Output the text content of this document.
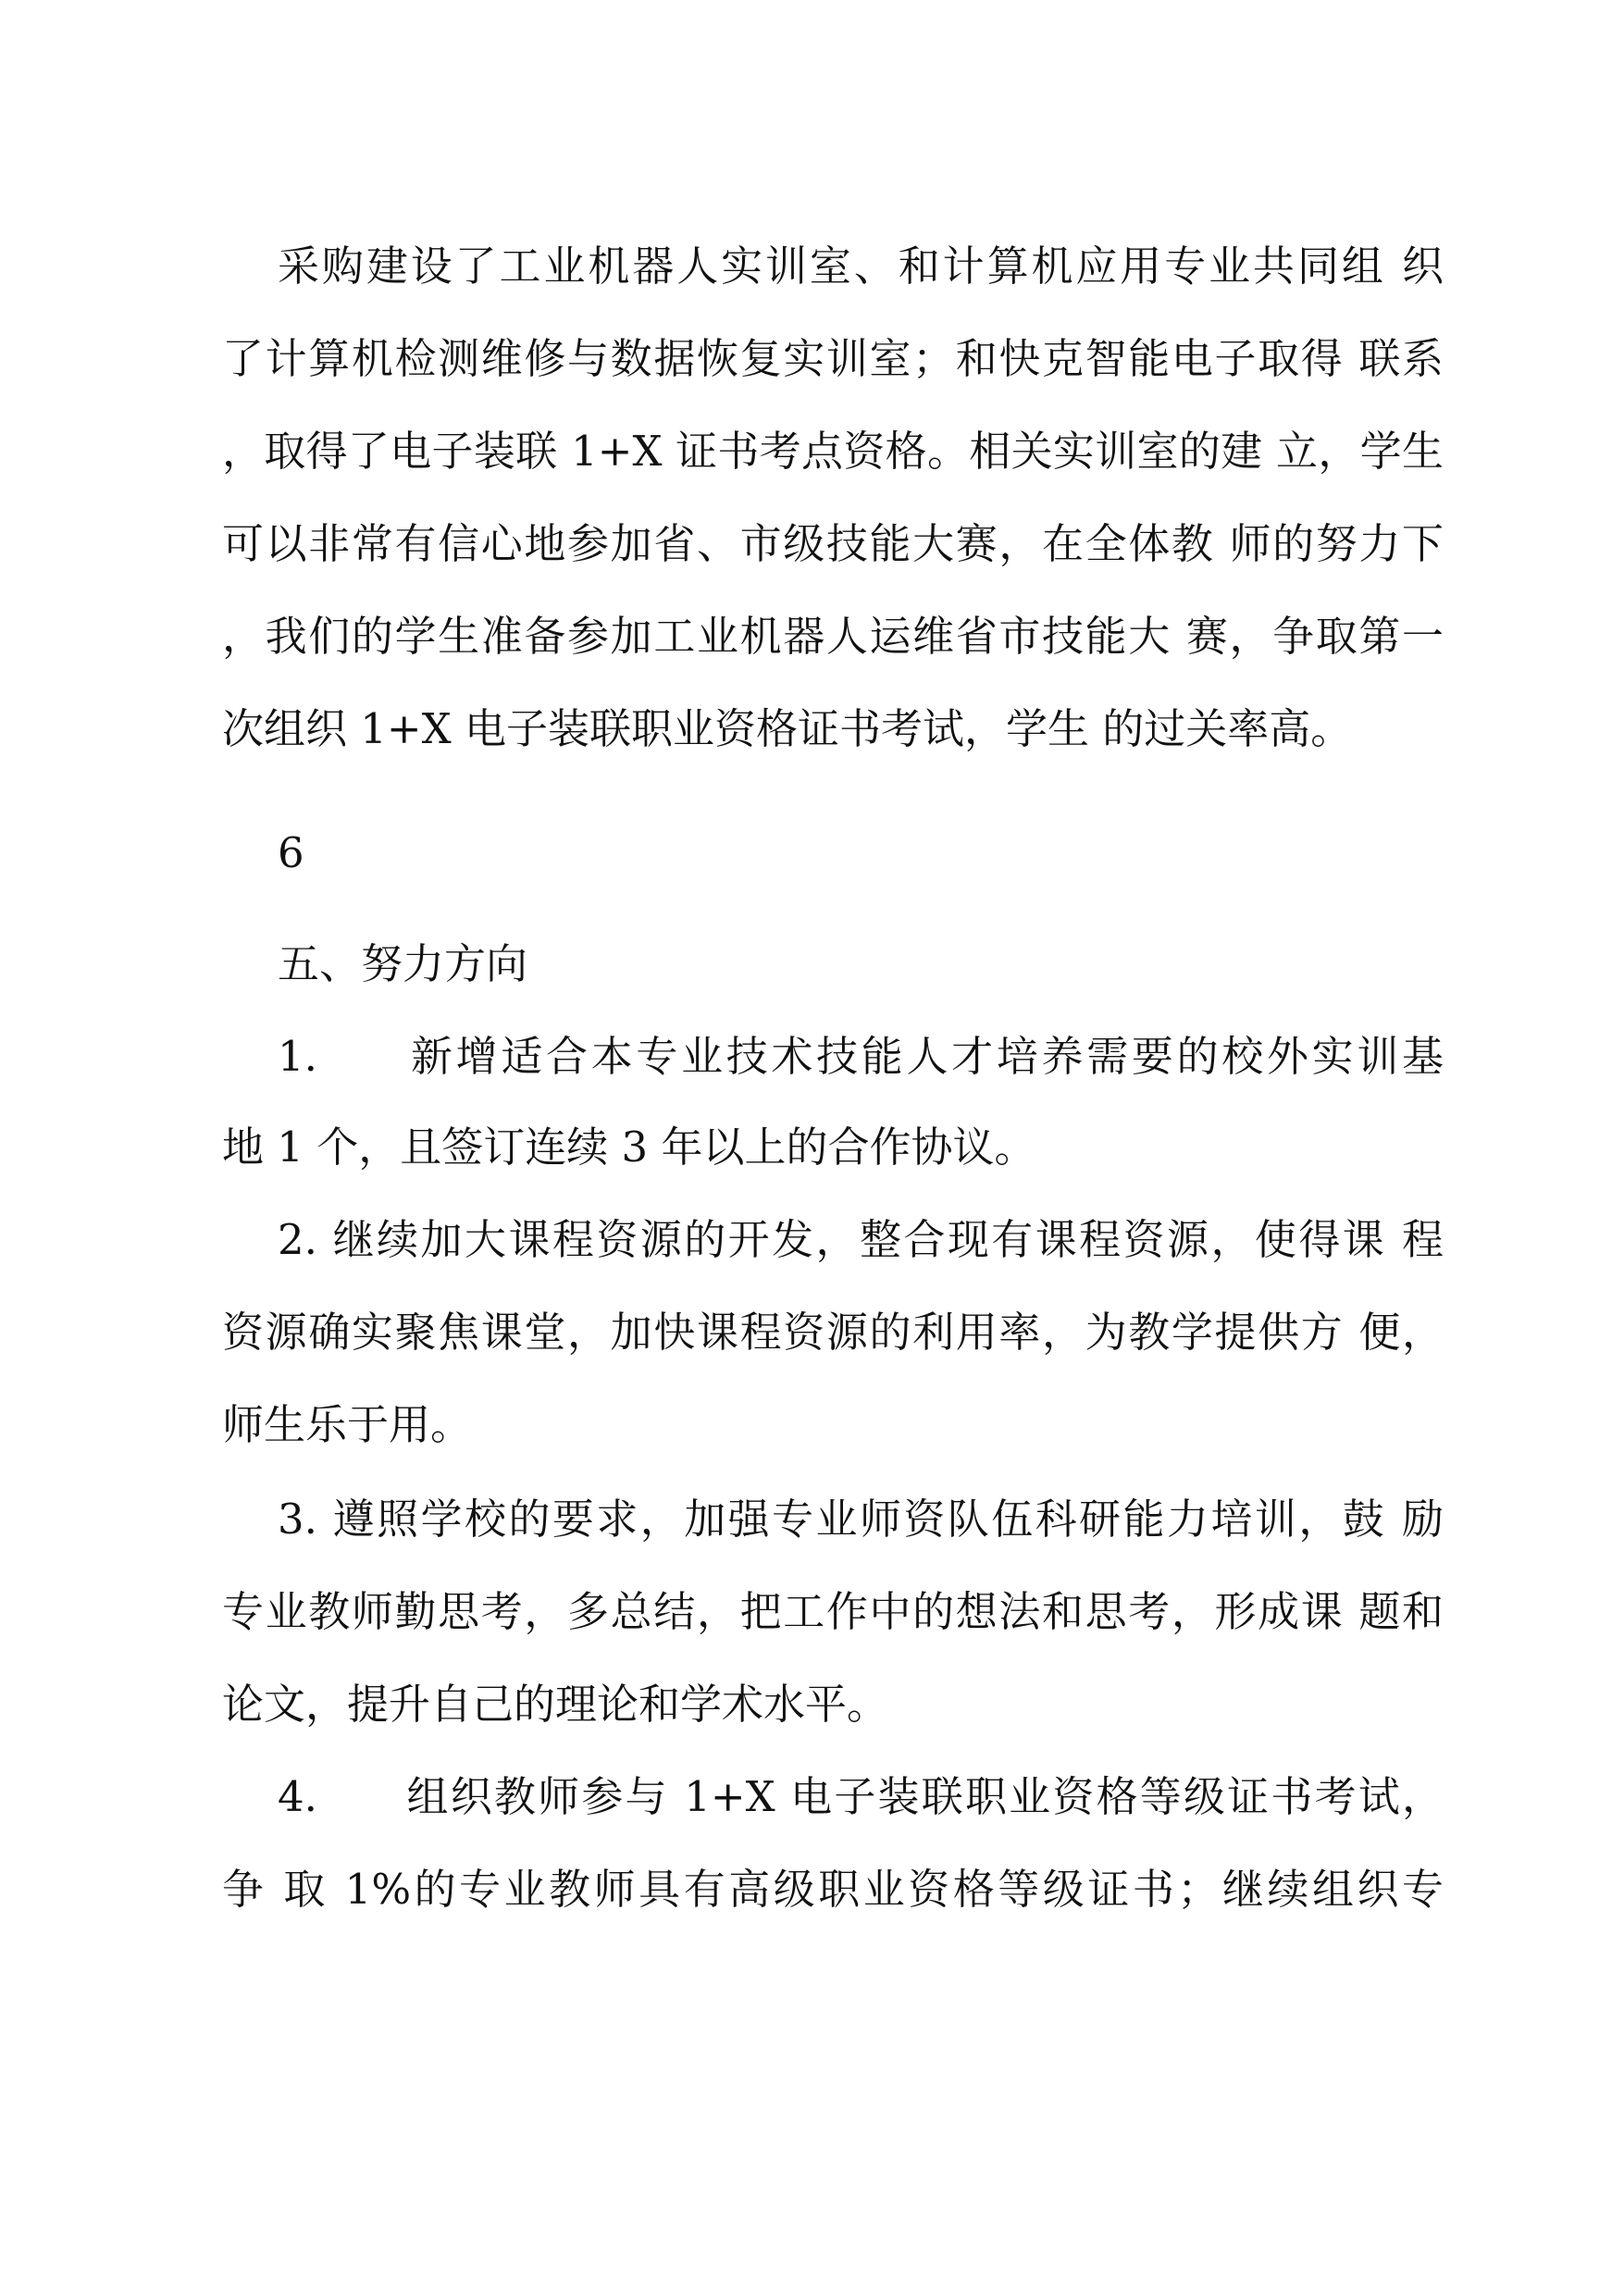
采购建设了工业机器人实训室、和计算机应用专业共同组 织
了计算机检测维修与数据恢复实训室；和快克智能电子取得 联系
，取得了电子装联 1+X 证书考点资格。相关实训室的建 立，学生
可以非常有信心地参加省、市级技能大赛，在全体教 师的努力下
，我们的学生准备参加工业机器人运维省市技能大 赛，争取第一
次组织 1+X 电子装联职业资格证书考试，学生 的过关率高。
6
五、努力方向
1.　　新增适合本专业技术技能人才培养需要的校外实训基
地 1 个，且签订连续 3 年以上的合作协议。
2. 继续加大课程资源的开发，整合现有课程资源，使得课 程
资源确实聚焦课堂，加快课程资源的利用率，为教学提供方 便，
师生乐于用。
3. 遵照学校的要求，加强专业师资队伍科研能力培训，鼓 励
专业教师勤思考，多总结，把工作中的想法和思考，形成课 题和
论文，提升自己的理论和学术水平。
4.　　组织教师参与 1+X 电子装联职业资格等级证书考试，
争 取 1%的专业教师具有高级职业资格等级证书；继续组织专
